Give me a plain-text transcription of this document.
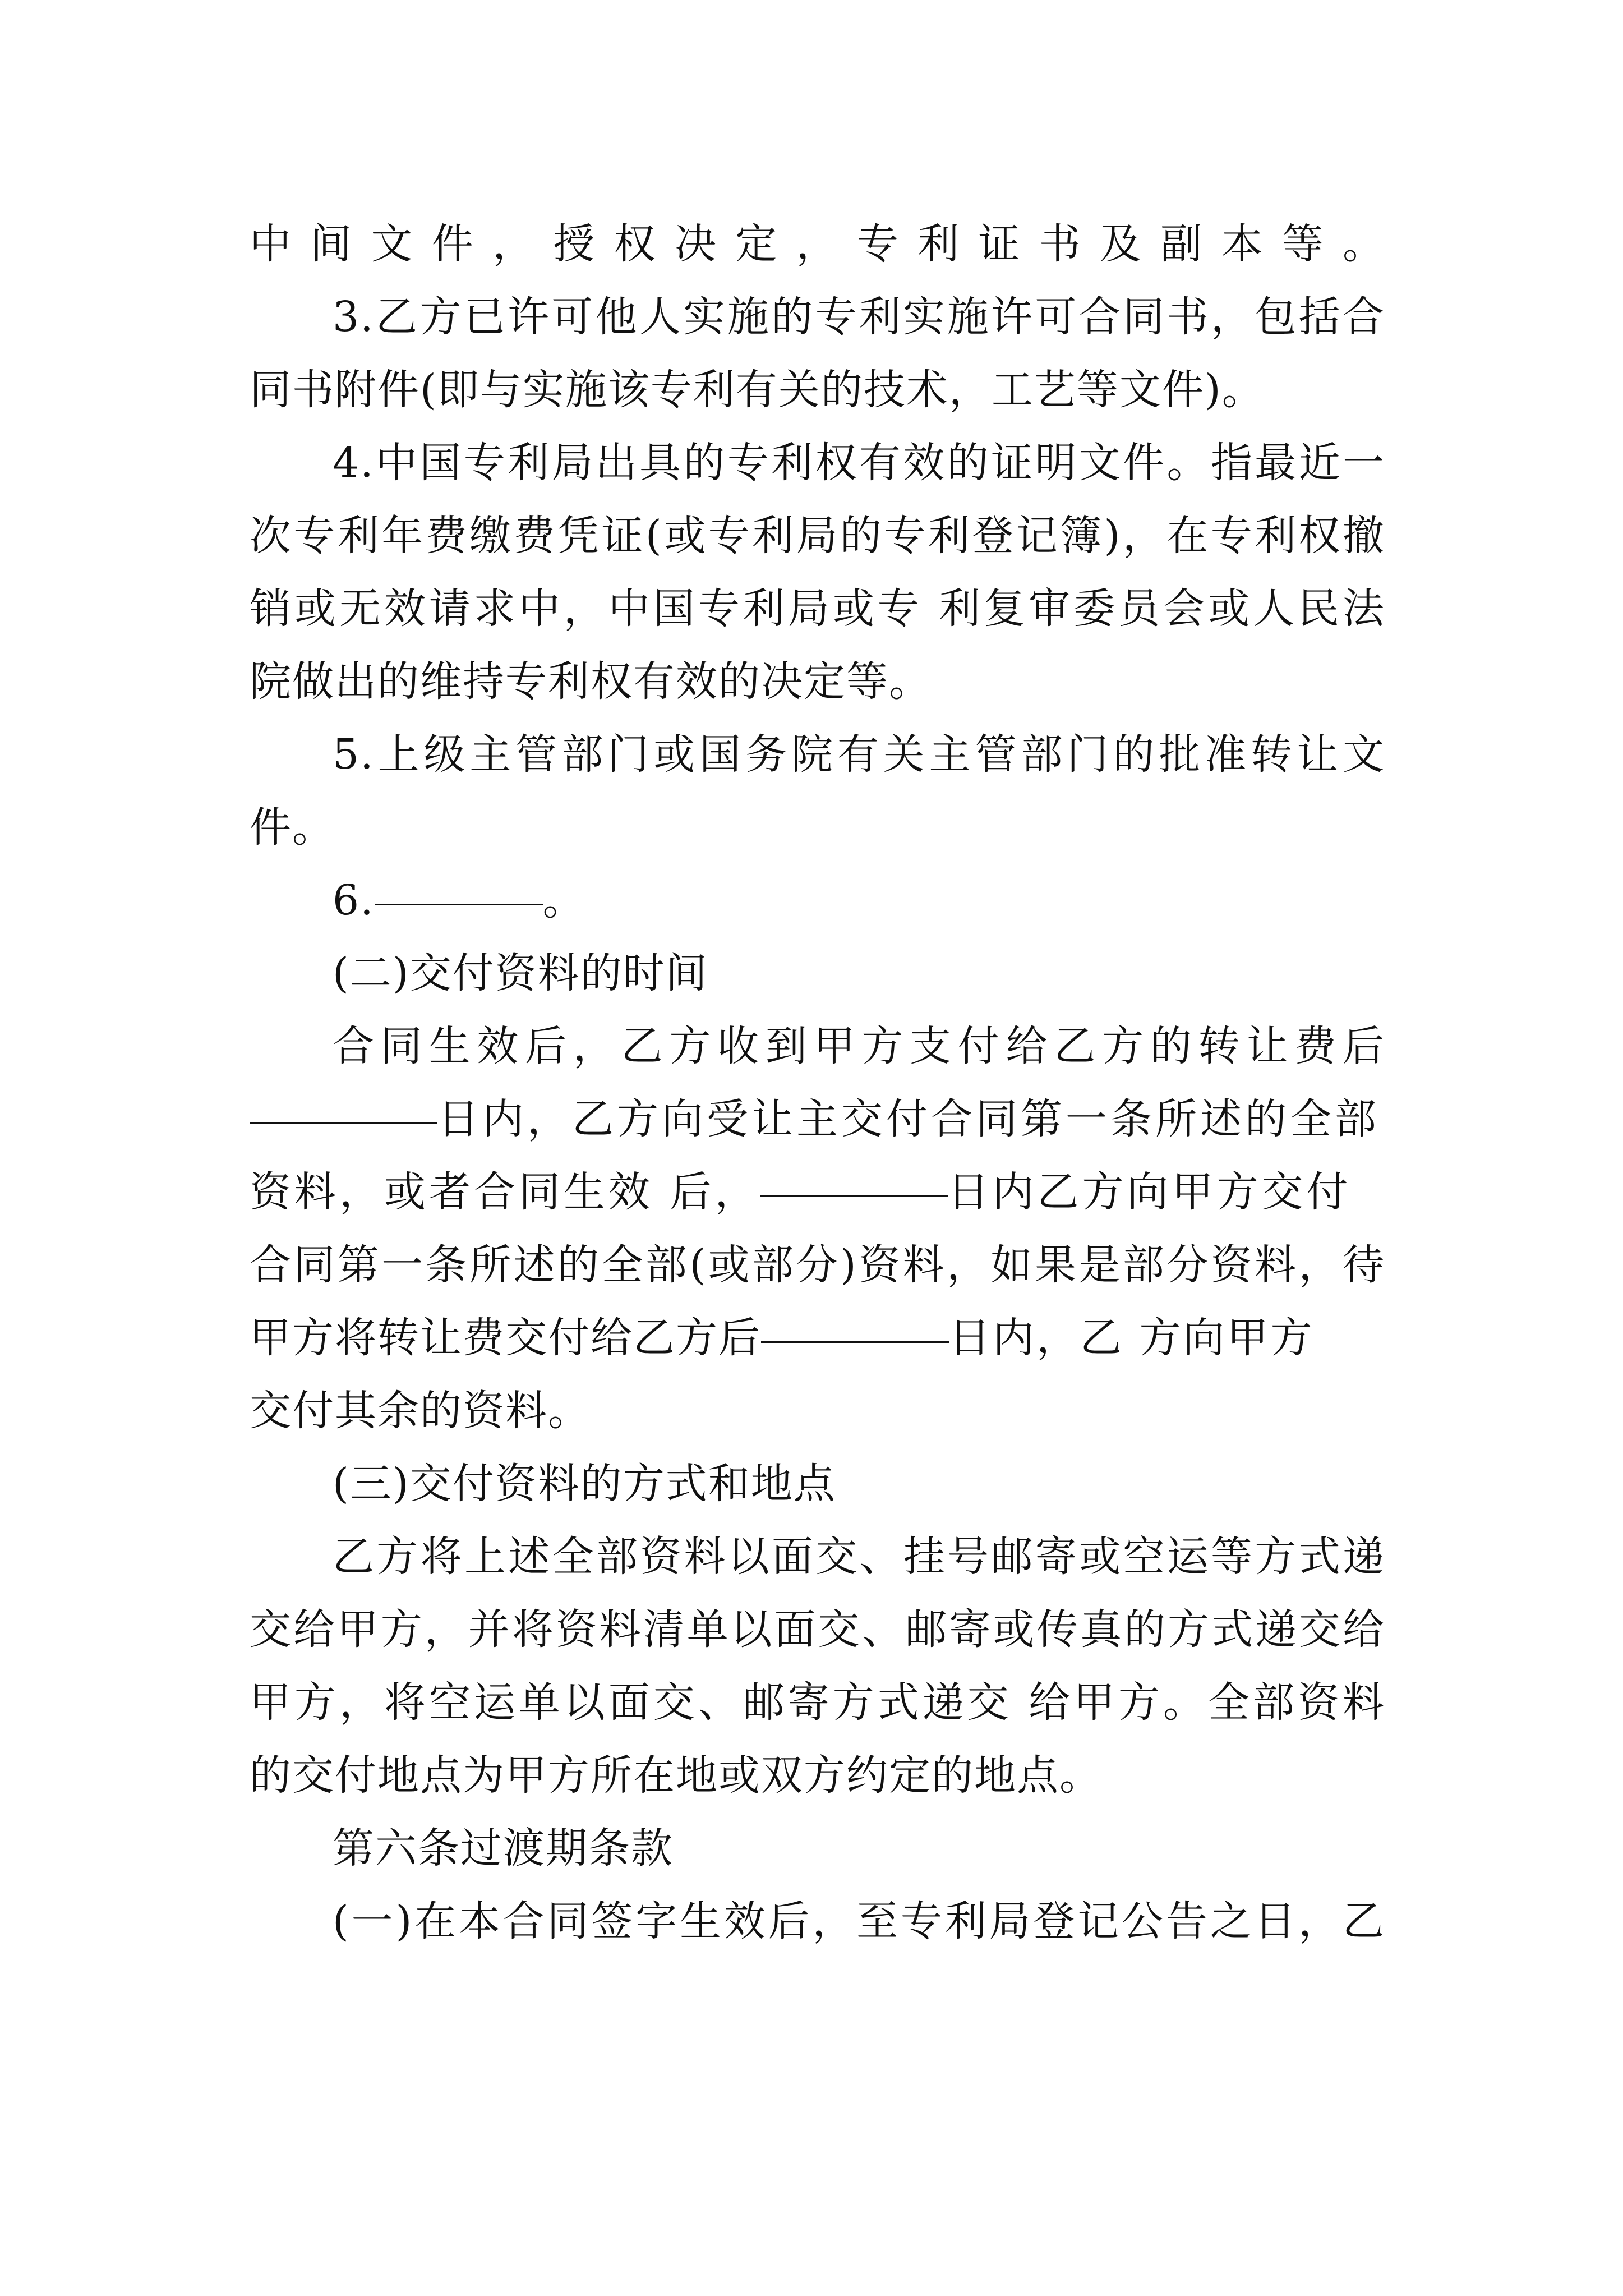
中间文件，授权决定，专利证书及副本等。
3.乙方已许可他人实施的专利实施许可合同书，包括合
同书附件(即与实施该专利有关的技术，工艺等文件)。
4.中国专利局出具的专利权有效的证明文件。指最近一
次专利年费缴费凭证(或专利局的专利登记簿)，在专利权撤
销或无效请求中，中国专利局或专 利复审委员会或人民法
院做出的维持专利权有效的决定等。
5.上级主管部门或国务院有关主管部门的批准转让文
件。
6.	。
(二)交付资料的时间
合同生效后，乙方收到甲方支付给乙方的转让费后
日内，乙方向受让主交付合同第一条所述的全部
资料，或者合同生效 后，	日内乙方向甲方交付
合同第一条所述的全部(或部分)资料，如果是部分资料，待
甲方将转让费交付给乙方后	日内，乙 方向甲方
交付其余的资料。
(三)交付资料的方式和地点
乙方将上述全部资料以面交、挂号邮寄或空运等方式递
交给甲方，并将资料清单以面交、邮寄或传真的方式递交给
甲方，将空运单以面交、邮寄方式递交 给甲方。全部资料
的交付地点为甲方所在地或双方约定的地点。
第六条过渡期条款
(一)在本合同签字生效后，至专利局登记公告之日，乙
